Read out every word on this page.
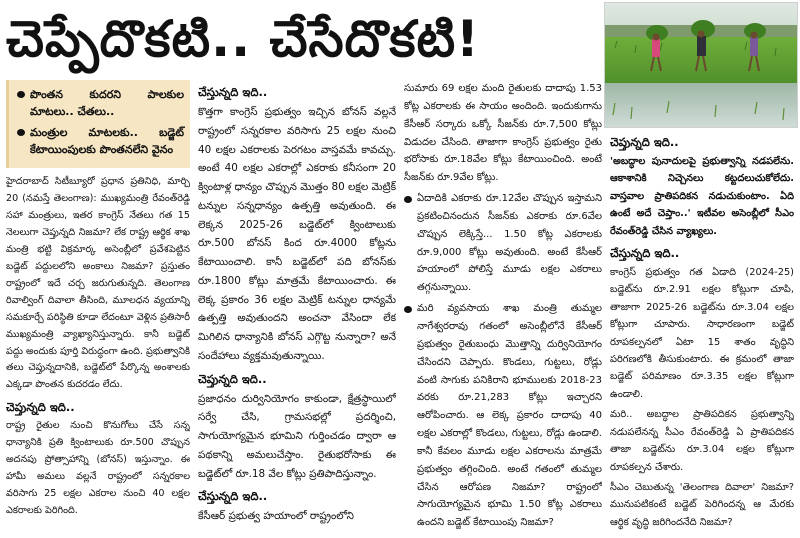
చెప్పేదొకటి.. చేసేదొకటి!
పొంతన కుదరని పాలకుల మాటలు.. చేతలు..
మంత్రుల మాటలకు.. బడ్జెట్ కేటాయింపులకు పొంతనలేని వైనం

హైదరాబాద్ సిటీబ్యూరో ప్రధాన ప్రతినిధి, మార్చి 20 (నమస్తే తెలంగాణ): ముఖ్యమంత్రి రేవంత్‌రెడ్డి సహా మంత్రులు, ఇతర కాంగ్రెస్ నేతలు గత 15 నెలలుగా చెప్తున్నది నిజమా? లేక రాష్ట్ర ఆర్థిక శాఖ మంత్రి భట్టి విక్రమార్క అసెంబ్లీలో ప్రవేశపెట్టిన బడ్జెట్ పద్దులలోని అంకాలు నిజమా? ప్రస్తుతం రాష్ట్రంలో ఇదే చర్చ జరుగుతున్నది. తెలంగాణ రివాల్వింగ్ దివాలా తీసింది, మూలధన వ్యయాన్ని సమకూర్చే పరిస్థితి కూడా లేదంటూ వెళ్లిన ప్రతిసారీ ముఖ్యమంత్రి వ్యాఖ్యానిస్తున్నారు. కానీ బడ్జెట్ పద్దు అందుకు పూర్తి విరుద్ధంగా ఉంది. ప్రభుత్వానికి తలు చెప్తున్నదానికి, బడ్జెట్‌లో పేర్కొన్న అంశాలకు ఎక్కడా పొంతన కుదరడం లేదు.

చెప్తున్నది ఇది..

రాష్ట్ర రైతుల నుంచి కొనుగోలు చేసే సన్న ధాన్యానికి ప్రతి క్వింటాలుకు రూ.500 చొప్పున అదనపు ప్రోత్సాహాన్ని (బోనస్) ఇస్తున్నాం. ఈ హామీ అమలు వల్లనే రాష్ట్రంలో సన్నరకాల వరిసాగు 25 లక్షల ఎకరాల నుంచి 40 లక్షల ఎకరాలకు పెరిగింది.

చేస్తున్నది ఇది..

కొత్తగా కాంగ్రెస్ ప్రభుత్వం ఇచ్చిన బోనస్ వల్లనే రాష్ట్రంలో సన్నరకాల వరిసాగు 25 లక్షల నుంచి 40 లక్షల ఎకరాలకు పెరగటం వాస్తవమే కావచ్చు. అంటే 40 లక్షల ఎకరాల్లో ఎకరాకు కనీసంగా 20 క్వింటాళ్ల ధాన్యం చొప్పున మొత్తం 80 లక్షల మెట్రిక్ టన్నుల సన్నధాన్యం ఉత్పత్తి అవుతుంది. ఈ లెక్కన 2025-26 బడ్జెట్‌లో క్వింటాలుకు రూ.500 బోనస్ కింద రూ.4000 కోట్లను కేటాయించాలి. కానీ బడ్జెట్‌లో పది బోనస్‌కు రూ.1800 కోట్లు మాత్రమే కేటాయించారు. ఈ లెక్క ప్రకారం 36 లక్షల మెట్రిక్ టన్నుల ధాన్యమే ఉత్పత్తి అవుతుందని అంచనా వేసిందా లేక మిగిలిన ధాన్యానికి బోనస్ ఎగ్గొట్ట నున్నారా? అనే సందేహాలు వ్యక్తమవుతున్నాయి.

చెప్తున్నది ఇది..

ప్రజాధనం దుర్వినియోగం కాకుండా, క్షేత్రస్థాయిలో సర్వే చేసి, గ్రామసభల్లో ప్రదర్శించి, సాగుయోగ్యమైన భూమిని గుర్తించడం ద్వారా ఆ పథకాన్ని అమలుచేస్తాం. రైతుభరోసాకు ఈ బడ్జెట్‌లో రూ.18 వేల కోట్లు ప్రతిపాదిస్తున్నాం.

చేస్తున్నది ఇది..

కేసీఆర్ ప్రభుత్వ హయాంలో రాష్ట్రంలోని

సుమారు 69 లక్షల మంది రైతులకు దాదాపు 1.53 కోట్ల ఎకరాలకు ఈ సాయం అందింది. ఇందుకుగాను కేసీఆర్ సర్కారు ఒక్కో సీజన్‌కు రూ.7,500 కోట్లు విడుదల చేసింది. తాజాగా కాంగ్రెస్ ప్రభుత్వం రైతు భరోసాకు రూ.18వేల కోట్లు కేటాయించింది. అంటే సీజన్‌కు రూ.9వేల కోట్లు.

ఏదాదికి ఎకరాకు రూ.12వేల చొప్పున ఇస్తామని ప్రకటించినందున సీజన్‌కు ఎకరాకు రూ.6వేల చొప్పున లెక్కిస్తే... 1.50 కోట్ల ఎకరాలకు రూ.9,000 కోట్లు అవుతుంది. అంటే కేసీఆర్ హయాంలో పోలిస్తే మూడు లక్షల ఎకరాలు తగ్గనున్నాయి.

మరి వ్యవసాయ శాఖ మంత్రి తుమ్మల నాగేశ్వరరావు గతంలో అసెంబ్లీలోనే కేసీఆర్ ప్రభుత్వం రైతుబంధు మొత్తాన్ని దుర్వినియోగం చేసిందని చెప్పారు. కొండలు, గుట్టలు, రోడ్లు వంటి సాగుకు పనికిరాని భూములకు 2018-23 వరకు రూ.21,283 కోట్లు ఇచ్చారని ఆరోపించారు. ఆ లెక్క ప్రకారం దాదాపు 40 లక్షల ఎకరాల్లో కొండలు, గుట్టలు, రోడ్లు ఉండాలి. కానీ కేవలం మూడు లక్షల ఎకరాలను మాత్రమే ప్రభుత్వం తగ్గించింది. అంటే గతంలో తుమ్మల చేసిన ఆరోపణ నిజమా? రాష్ట్రంలో సాగుయోగ్యమైన భూమి 1.50 కోట్ల ఎకరాలు ఉందని బడ్జెట్ కేటాయింపు నిజమా?

చెప్తున్నది ఇది..

'అబద్ధాల పునాదులపై ప్రభుత్వాన్ని నడపలేను. ఆకాశానికి నిచ్చెనలు కట్టదలుచుకోలేదు. వాస్తవాల ప్రాతిపదికన నడుచుకుంటాం. ఏది ఉంటే అదే చెప్తాం..' ఇటీవల అసెంబ్లీలో సీఎం రేవంత్‌రెడ్డి చేసిన వ్యాఖ్యలు.

చేస్తున్నది ఇది..

కాంగ్రెస్ ప్రభుత్వం గత ఏడాది (2024-25) బడ్జెట్‌ను రూ.2.91 లక్షల కోట్లుగా చూపి, తాజాగా 2025-26 బడ్జెట్‌ను రూ.3.04 లక్షల కోట్లుగా చూపారు. సాధారణంగా బడ్జెట్ రూపకల్పనలో ఏటా 15 శాతం వృద్ధిని పరిగణలోకి తీసుకుంటారు. ఈ క్రమంలో తాజా బడ్జెట్ పరిమాణం రూ.3.35 లక్షల కోట్లుగా ఉండాలి.

మరి.. అబద్ధాల ప్రాతిపదికన ప్రభుత్వాన్ని నడుపలేనన్న సీఎం రేవంత్‌రెడ్డి ఏ ప్రాతిపదికన తాజా బడ్జెట్‌ను రూ.3.04 లక్షల కోట్లుగా రూపకల్పన చేశారు.

సీఎం చెబుతున్న 'తెలంగాణ దివాలా' నిజమా? మునుపటికంటే బడ్జెట్ పెరిగిందన్న ఆ మేరకు ఆర్థిక వృద్ధి జరిగిందనేది నిజమా?
